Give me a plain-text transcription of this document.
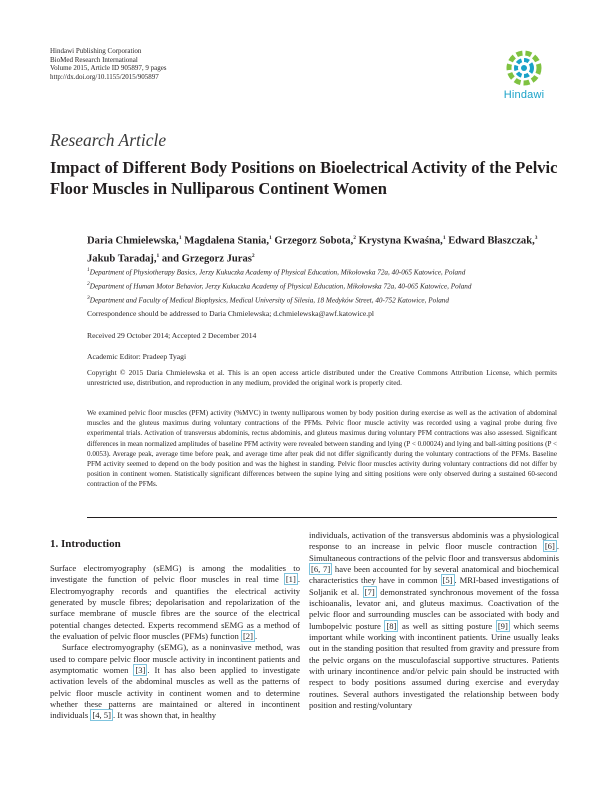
Hindawi Publishing Corporation
BioMed Research International
Volume 2015, Article ID 905897, 9 pages
http://dx.doi.org/10.1155/2015/905897
Hindawi
Research Article
Impact of Different Body Positions on Bioelectrical Activity of the Pelvic Floor Muscles in Nulliparous Continent Women
Daria Chmielewska,$^1$ Magdalena Stania,$^1$ Grzegorz Sobota,$^2$ Krystyna Kwaśna,$^1$ Edward Błaszczak,$^3$ Jakub Taradaj,$^1$ and Grzegorz Juras$^2$
$^1$Department of Physiotherapy Basics, Jerzy Kukuczka Academy of Physical Education, Mikołowska 72a, 40-065 Katowice, Poland
$^2$Department of Human Motor Behavior, Jerzy Kukuczka Academy of Physical Education, Mikołowska 72a, 40-065 Katowice, Poland
$^3$Department and Faculty of Medical Biophysics, Medical University of Silesia, 18 Medyków Street, 40-752 Katowice, Poland
Correspondence should be addressed to Daria Chmielewska; d.chmielewska@awf.katowice.pl
Received 29 October 2014; Accepted 2 December 2014
Academic Editor: Pradeep Tyagi
Copyright © 2015 Daria Chmielewska et al. This is an open access article distributed under the Creative Commons Attribution License, which permits unrestricted use, distribution, and reproduction in any medium, provided the original work is properly cited.
We examined pelvic floor muscles (PFM) activity (%MVC) in twenty nulliparous women by body position during exercise as well as the activation of abdominal muscles and the gluteus maximus during voluntary contractions of the PFMs. Pelvic floor muscle activity was recorded using a vaginal probe during five experimental trials. Activation of transversus abdominis, rectus abdominis, and gluteus maximus during voluntary PFM contractions was also assessed. Significant differences in mean normalized amplitudes of baseline PFM activity were revealed between standing and lying (P < 0.00024) and lying and ball-sitting positions (P < 0.0053). Average peak, average time before peak, and average time after peak did not differ significantly during the voluntary contractions of the PFMs. Baseline PFM activity seemed to depend on the body position and was the highest in standing. Pelvic floor muscles activity during voluntary contractions did not differ by position in continent women. Statistically significant differences between the supine lying and sitting positions were only observed during a sustained 60-second contraction of the PFMs.
1. Introduction

Surface electromyography (sEMG) is among the modalities to investigate the function of pelvic floor muscles in real time [1] . Electromyography records and quantifies the electrical activity generated by muscle fibres; depolarisation and repolarization of the surface membrane of muscle fibres are the source of the electrical potential changes detected. Experts recommend sEMG as a method of the evaluation of pelvic floor muscles (PFMs) function [2] .

Surface electromyography (sEMG), as a noninvasive method, was used to compare pelvic floor muscle activity in incontinent patients and asymptomatic women [3] . It has also been applied to investigate activation levels of the abdominal muscles as well as the patterns of pelvic floor muscle activity in continent women and to determine whether these patterns are maintained or altered in incontinent individuals [4, 5] . It was shown that, in healthy

individuals, activation of the transversus abdominis was a physiological response to an increase in pelvic floor muscle contraction [6] . Simultaneous contractions of the pelvic floor and transversus abdominis [6, 7] have been accounted for by several anatomical and biochemical characteristics they have in common [5] . MRI-based investigations of Soljanik et al. [7] demonstrated synchronous movement of the fossa ischioanalis, levator ani, and gluteus maximus. Coactivation of the pelvic floor and surrounding muscles can be associated with body and lumbopelvic posture [8] as well as sitting posture [9] which seems important while working with incontinent patients. Urine usually leaks out in the standing position that resulted from gravity and pressure from the pelvic organs on the musculofascial supportive structures. Patients with urinary incontinence and/or pelvic pain should be instructed with respect to body positions assumed during exercise and everyday routines. Several authors investigated the relationship between body position and resting/voluntary
